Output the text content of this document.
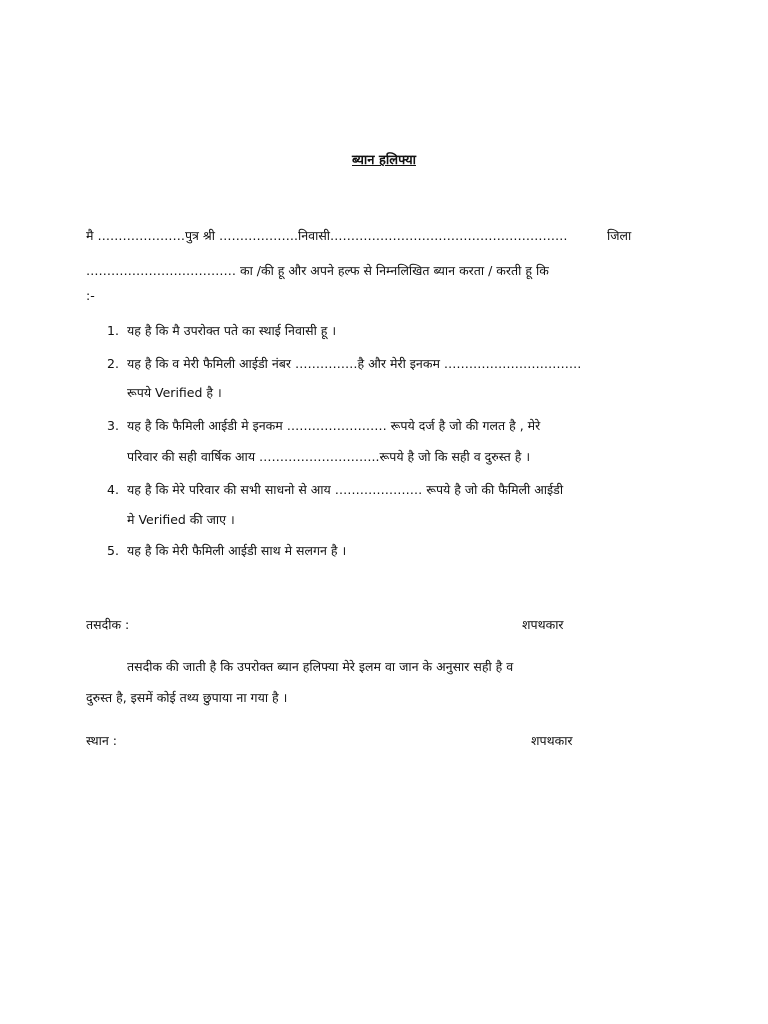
ब्यान हलिफ्या
मै …………………पुत्र श्री ……………….निवासी…………………………………………………	जिला
……………………………… का /की हू और अपने हल्फ से निम्नलिखित ब्यान करता / करती हू कि
:-
1. यह है कि मै उपरोक्त पते का स्थाई निवासी हू ।
2. यह है कि व मेरी फैमिली आईडी नंबर ……………है और मेरी इनकम ……………………………
रूपये Verified है ।
3. यह है कि फैमिली आईडी मे इनकम …………………… रूपये दर्ज है जो की गलत है , मेरे
परिवार की सही वार्षिक आय ………………………..रूपये है जो कि सही व दुरुस्त है ।
4. यह है कि मेरे परिवार की सभी साधनो से आय ………………… रूपये है जो की फैमिली आईडी
मे Verified की जाए ।
5. यह है कि मेरी फैमिली आईडी साथ मे सलगन है ।
तसदीक :	शपथकार
तसदीक की जाती है कि उपरोक्त ब्यान हलिफ्या मेरे इलम वा जान के अनुसार सही है व
दुरुस्त है, इसमें कोई तथ्य छुपाया ना गया है ।
स्थान :	शपथकार
